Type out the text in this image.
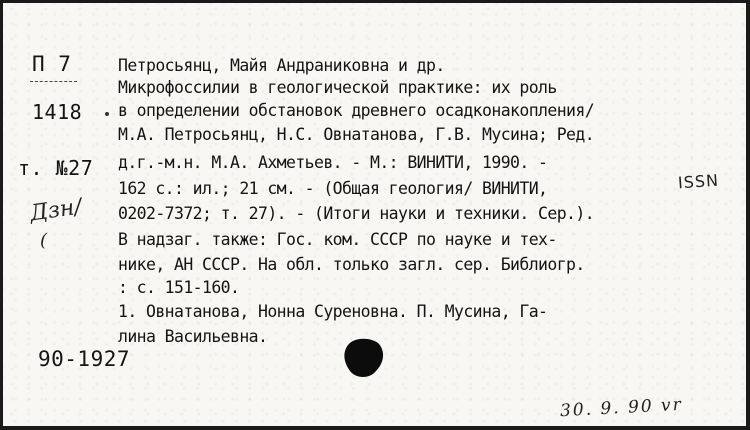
П 7
1418
т. №27
90-1927
Петросьянц, Майя Андраниковна и др.
Микрофоссилии в геологической практике: их роль
в определении обстановок древнего осадконакопления/
М.А. Петросьянц, Н.С. Овнатанова, Г.В. Мусина; Ред.
д.г.-м.н. М.А. Ахметьев. - М.: ВИНИТИ, 1990. -
162 с.: ил.; 21 см. - (Общая геология/ ВИНИТИ,
0202-7372; т. 27). - (Итоги науки и техники. Сер.).
В надзаг. также: Гос. ком. СССР по науке и тех-
нике, АН СССР. На обл. только загл. сер. Библиогр.
: с. 151-160.
1. Овнатанова, Нонна Суреновна. П. Мусина, Га-
лина Васильевна.
ISSN
30. 9. 90 vr
Дзн/
(
